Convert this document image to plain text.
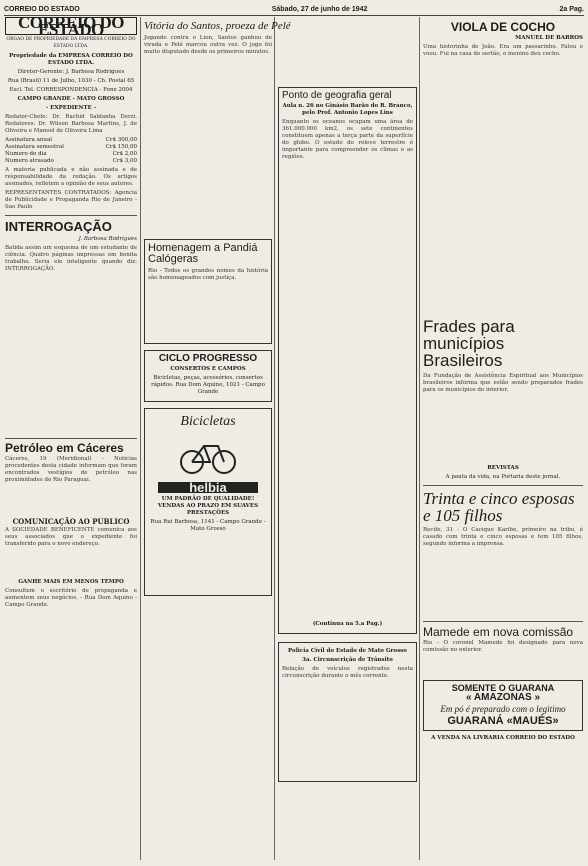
CORREIO DO ESTADO	Sábado, 27 de junho de 1942	2a Pag.
CORREIO DO ESTADO
ORGAO DE PROPRIEDADE DA EMPRESA CORREIO DO ESTADO LTDA.

Propriedade da EMPRESA CORREIO DO ESTADO LTDA.

Diretor-Gerente: J. Barbosa Rodrigues

Rua (Brasil) 11 de Julho, 1030 - Ch. Postal 65

Escl. Tel. CORRESPONDENCIA - Fone 2004

CAMPO GRANDE - MATO GROSSO

- EXPEDIENTE -

Redator-Chefe: Dr. Rachid Saldanha Derzi. Redatores: Dr. Wilson Barbosa Martins, J. de Oliveira e Manoel de Oliveira Lima

Assinatura anual	Cr$ 300,00
Assinatura semestral	Cr$ 150,00
Numero do dia	Cr$ 2,00
Numero atrasado	Cr$ 3,00

A materia publicada e não assinada e de responsabilidade da redação. Os artigos assinados, refletem a opinião de seus autores.

REPRESENTANTES CONTRATADOS: Agencia de Publicidade e Propaganda Rio de Janeiro - Sao Paulo

INTERROGAÇÃO

J. Barbosa Rodrigues

Batida assim um esquema de um estudante de ciência. Quatro páginas impressas em bonita trabalho. Seria ele inteligente quando diz: INTERROGAÇÃO.

Petróleo em Cáceres

Cáceres, 19 (Meridional) - Noticias procedentes desta cidade informam que foram encontrados vestígios de petróleo nas proximidades do Rio Paraguai.

COMUNICAÇÃO AO PUBLICO

A SOCIEDADE BENEFICENTE comunica aos seus associados que o expediente foi transferido para o novo endereço.

GANHE MAIS EM MENOS TEMPO

Consultem o escritório de propaganda e aumentem seus negócios. - Rua Dom Aquino - Campo Grande.

Vitória do Santos, proeza de Pelé

Jogando contra o Lion, Santos ganhou de virada e Pelé marcou outra vez. O jogo foi muito disputado desde os primeiros minutos.

Homenagem a Pandiá Calógeras

Rio - Todos os grandes nomes da história são homenageados com justiça.

CICLO PROGRESSO

CONSERTOS E CAMPOS

Bicicletas, peças, acessórios, consertos rápidos. Rua Dom Aquino, 1021 - Campo Grande

Bicicletas
helbia

UM PADRÃO DE QUALIDADE! VENDAS AO PRAZO EM SUAVES PRESTAÇÕES

Rua Rui Barbosa, 1141 - Campo Grande - Mato Grosso

Ponto de geografia geral

Aula n. 26 no Ginásio Barão do R. Branco, pelo Prof. Antonio Lopes Lins

Enquanto os oceanos ocupam uma área de 361.000.000 km2, os sete continentes constituem apenas a terça parte da superfície do globo. O estudo do relevo terrestre é importante para compreender os climas e as regiões.

(Continua na 5.a Pag.)

Policia Civil do Estado de Mato Grosso

3a. Circunscrição de Trânsito

Relação de veículos registrados nesta circunscrição durante o mês corrente.

VIOLA DE COCHO

MANUEL DE BARROS

Uma historinha de João. Era um passarinho. Falou e voou. Fui na casa do sertão, o menino deu cocho.

Frades para municípios Brasileiros

Da Fundação de Assistência Espiritual aos Municípios brasileiros informa que estão sendo preparados frades para os municípios do interior.

REVISTAS

A pauta da vida, na Portaria deste jornal.

Trinta e cinco esposas e 105 filhos

Recife, 31 - O Cacique Karibe, primeiro na tribo, é casado com trinta e cinco esposas e tem 105 filhos, segundo informa a imprensa.

Mamede em nova comissão

Rio - O coronel Mamede foi designado para nova comissão no exterior.

SOMENTE O GUARANA
« AMAZONAS »
Em pó é preparado com o legitimo
GUARANÁ «MAUÉS»

A VENDA NA LIVRARIA CORREIO DO ESTADO
